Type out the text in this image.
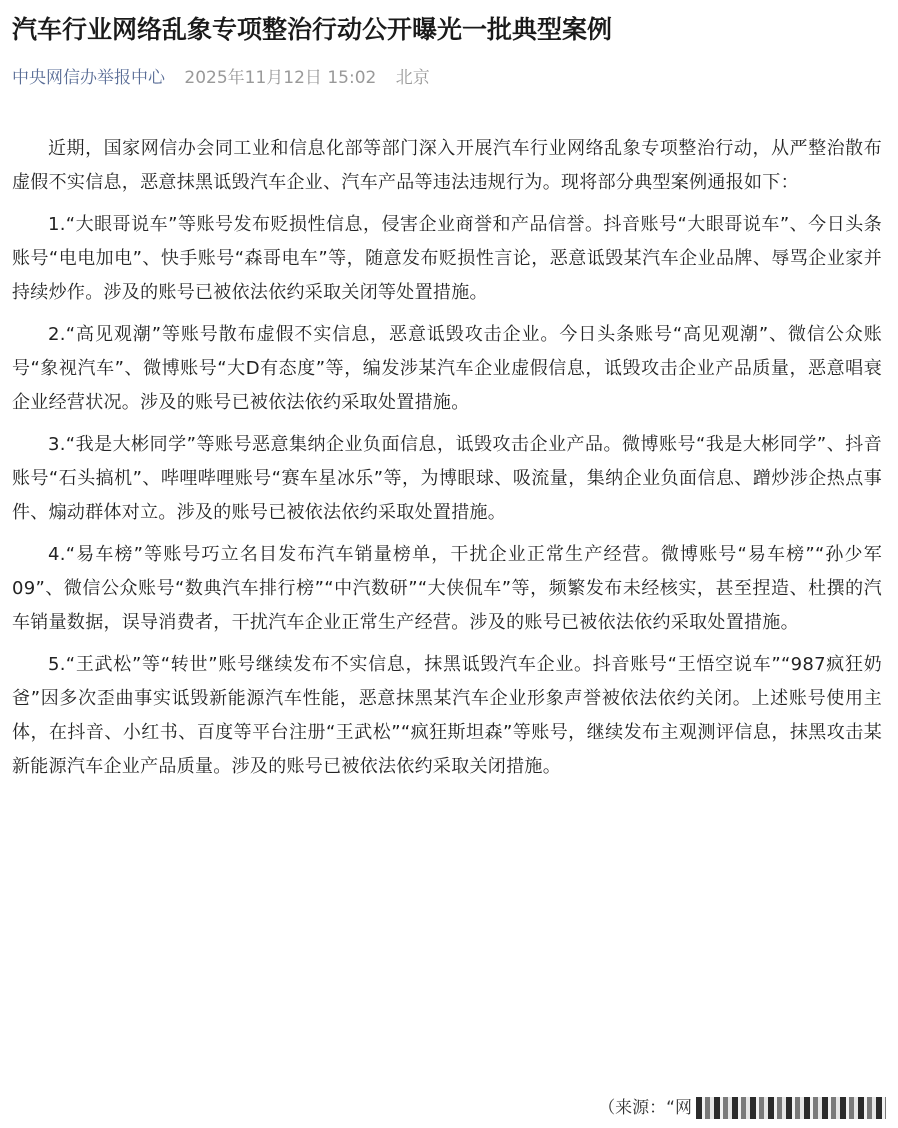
汽车行业网络乱象专项整治行动公开曝光一批典型案例
中央网信办举报中心 2025年11月12日 15:02 北京

近期，国家网信办会同工业和信息化部等部门深入开展汽车行业网络乱象专项整治行动，从严整治散布虚假不实信息，恶意抹黑诋毁汽车企业、汽车产品等违法违规行为。现将部分典型案例通报如下：

1.“大眼哥说车”等账号发布贬损性信息，侵害企业商誉和产品信誉。抖音账号“大眼哥说车”、今日头条账号“电电加电”、快手账号“森哥电车”等，随意发布贬损性言论，恶意诋毁某汽车企业品牌、辱骂企业家并持续炒作。涉及的账号已被依法依约采取关闭等处置措施。

2.“高见观潮”等账号散布虚假不实信息，恶意诋毁攻击企业。今日头条账号“高见观潮”、微信公众账号“象视汽车”、微博账号“大D有态度”等，编发涉某汽车企业虚假信息，诋毁攻击企业产品质量，恶意唱衰企业经营状况。涉及的账号已被依法依约采取处置措施。

3.“我是大彬同学”等账号恶意集纳企业负面信息，诋毁攻击企业产品。微博账号“我是大彬同学”、抖音账号“石头搞机”、哔哩哔哩账号“赛车星冰乐”等，为博眼球、吸流量，集纳企业负面信息、蹭炒涉企热点事件、煽动群体对立。涉及的账号已被依法依约采取处置措施。

4.“易车榜”等账号巧立名目发布汽车销量榜单，干扰企业正常生产经营。微博账号“易车榜”“孙少军09”、微信公众账号“数典汽车排行榜”“中汽数研”“大侠侃车”等，频繁发布未经核实，甚至捏造、杜撰的汽车销量数据，误导消费者，干扰汽车企业正常生产经营。涉及的账号已被依法依约采取处置措施。

5.“王武松”等“转世”账号继续发布不实信息，抹黑诋毁汽车企业。抖音账号“王悟空说车”“987疯狂奶爸”因多次歪曲事实诋毁新能源汽车性能，恶意抹黑某汽车企业形象声誉被依法依约关闭。上述账号使用主体，在抖音、小红书、百度等平台注册“王武松”“疯狂斯坦森”等账号，继续发布主观测评信息，抹黑攻击某新能源汽车企业产品质量。涉及的账号已被依法依约采取关闭措施。

（来源：“网
